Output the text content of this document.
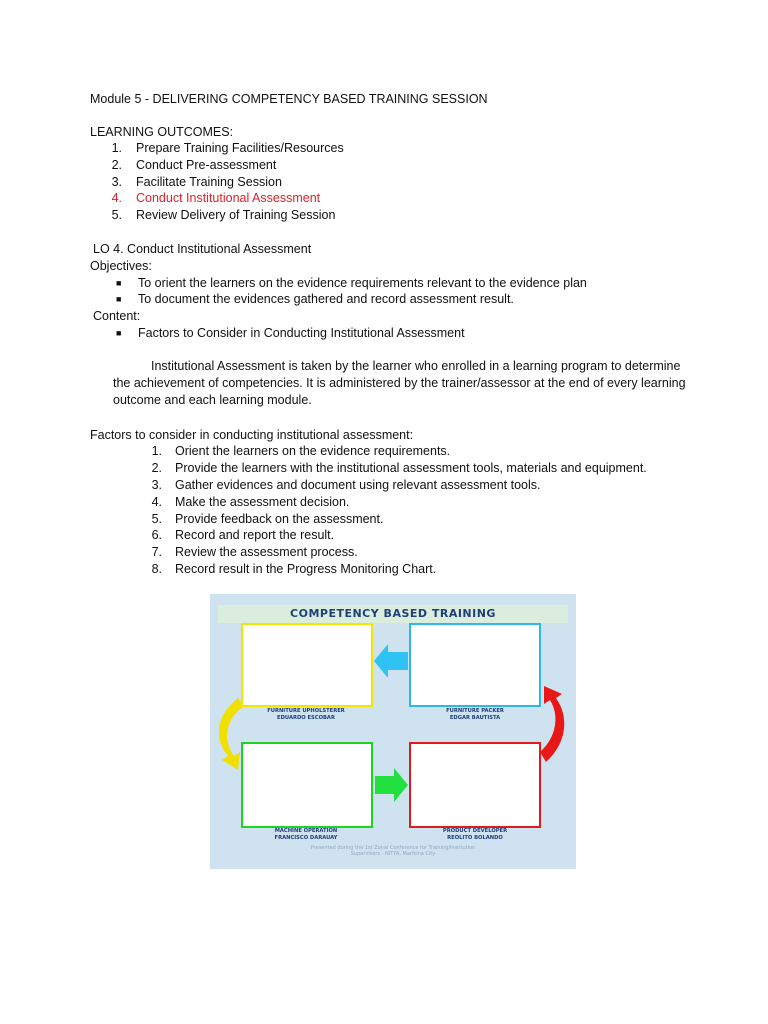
Module 5 - DELIVERING COMPETENCY BASED TRAINING SESSION
LEARNING OUTCOMES:
1. Prepare Training Facilities/Resources
2. Conduct Pre-assessment
3. Facilitate Training Session
4. Conduct Institutional Assessment
5. Review Delivery of Training Session
LO 4. Conduct Institutional Assessment
Objectives:
■ To orient the learners on the evidence requirements relevant to the evidence plan
■ To document the evidences gathered and record assessment result.
Content:
■ Factors to Consider in Conducting Institutional Assessment

Institutional Assessment is taken by the learner who enrolled in a learning program to determine the achievement of competencies. It is administered by the trainer/assessor at the end of every learning outcome and each learning module.

Factors to consider in conducting institutional assessment:
1. Orient the learners on the evidence requirements.
2. Provide the learners with the institutional assessment tools, materials and equipment.
3. Gather evidences and document using relevant assessment tools.
4. Make the assessment decision.
5. Provide feedback on the assessment.
6. Record and report the result.
7. Review the assessment process.
8. Record result in the Progress Monitoring Chart.
COMPETENCY BASED TRAINING
FURNITURE UPHOLSTERER
EDUARDO ESCOBAR
FURNITURE PACKER
EDGAR BAUTISTA
MACHINE OPERATION
FRANCISCO DARAUAY
PRODUCT DEVELOPER
REOLITO BOLANDO
Presented during the 1st Zonal Conference for Training/Institution Supervisors - NITTA, Marikina City
